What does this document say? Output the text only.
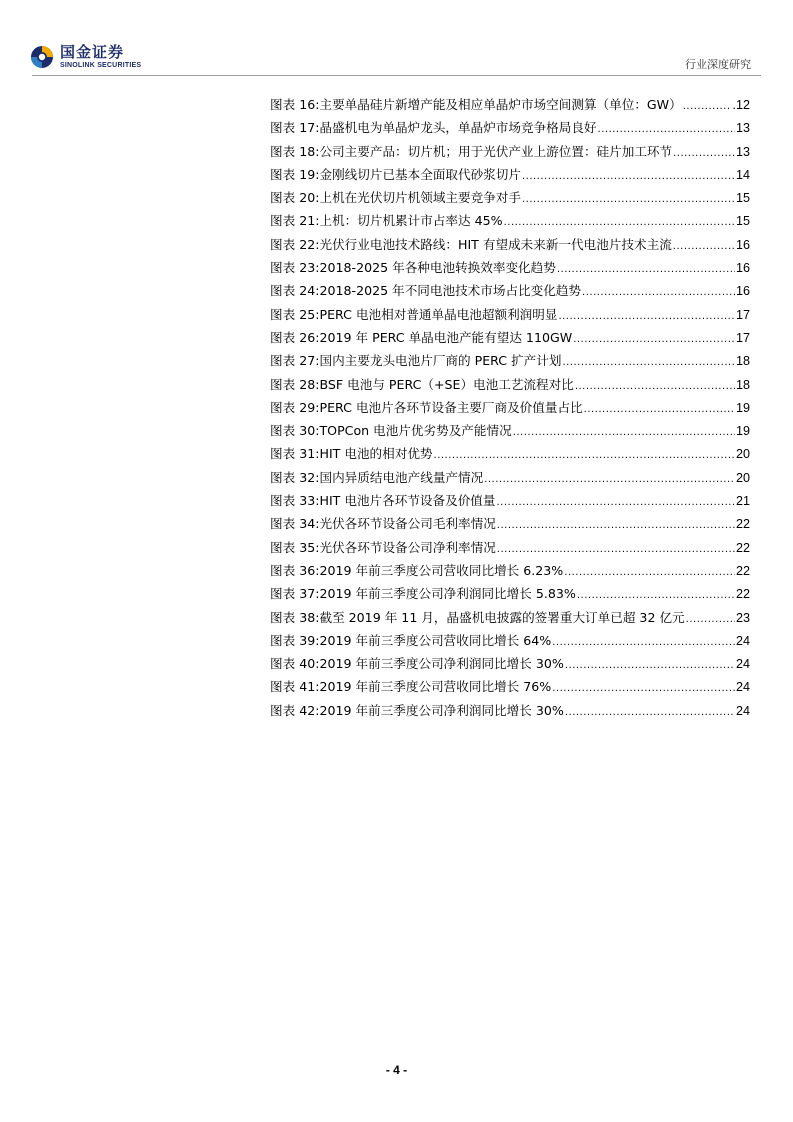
国金证券
SINOLINK SECURITIES	行业深度研究
图表 16: 主要单晶硅片新增产能及相应单晶炉市场空间测算（单位：GW） .....	.12
图表 17: 晶盛机电为单晶炉龙头，单晶炉市场竞争格局良好 .....	13
图表 18: 公司主要产品：切片机；用于光伏产业上游位置：硅片加工环节 .....	13
图表 19: 金刚线切片已基本全面取代砂浆切片 .....	14
图表 20: 上机在光伏切片机领域主要竞争对手 .....	15
图表 21: 上机：切片机累计市占率达 45% .....	15
图表 22: 光伏行业电池技术路线：HIT 有望成未来新一代电池片技术主流 .....	16
图表 23: 2018-2025 年各种电池转换效率变化趋势 .....	16
图表 24: 2018-2025 年不同电池技术市场占比变化趋势 .....	16
图表 25: PERC 电池相对普通单晶电池超额利润明显 .....	17
图表 26: 2019 年 PERC 单晶电池产能有望达 110GW .....	17
图表 27: 国内主要龙头电池片厂商的 PERC 扩产计划 .....	18
图表 28: BSF 电池与 PERC（+SE）电池工艺流程对比 .....	18
图表 29: PERC 电池片各环节设备主要厂商及价值量占比 .....	19
图表 30: TOPCon 电池片优劣势及产能情况 .....	19
图表 31: HIT 电池的相对优势 .....	20
图表 32: 国内异质结电池产线量产情况 .....	20
图表 33: HIT 电池片各环节设备及价值量 .....	21
图表 34: 光伏各环节设备公司毛利率情况 .....	22
图表 35: 光伏各环节设备公司净利率情况 .....	22
图表 36: 2019 年前三季度公司营收同比增长 6.23% .....	22
图表 37: 2019 年前三季度公司净利润同比增长 5.83% .....	22
图表 38: 截至 2019 年 11 月，晶盛机电披露的签署重大订单已超 32 亿元 .....	23
图表 39: 2019 年前三季度公司营收同比增长 64% .....	24
图表 40: 2019 年前三季度公司净利润同比增长 30% .....	24
图表 41: 2019 年前三季度公司营收同比增长 76% .....	24
图表 42: 2019 年前三季度公司净利润同比增长 30% .....	24
- 4 -
